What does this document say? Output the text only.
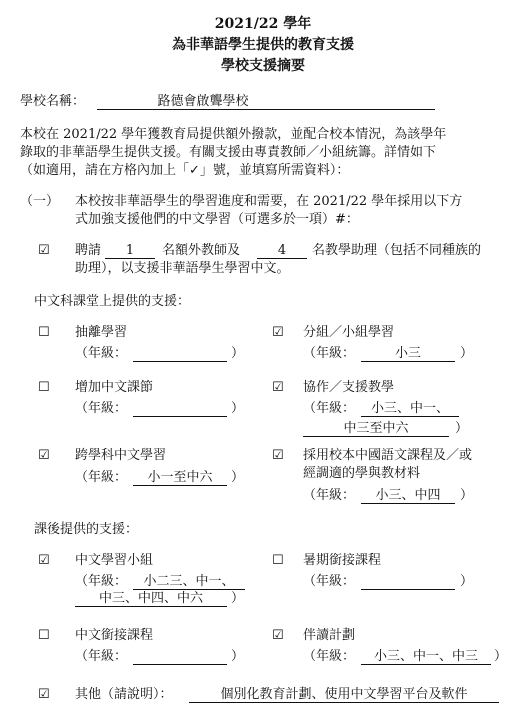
2021/22 學年
為非華語學生提供的教育支援
學校支援摘要
學校名稱：	路德會啟聾學校
本校在 2021/22 學年獲教育局提供額外撥款，並配合校本情況，為該學年
錄取的非華語學生提供支援。有關支援由專責教師／小組統籌。詳情如下
（如適用，請在方格內加上「✓」號，並填寫所需資料）：
（一） 本校按非華語學生的學習進度和需要，在 2021/22 學年採用以下方
式加強支援他們的中文學習（可選多於一項）#：
☑ 聘請	1	名額外教師及	4	名教學助理（包括不同種族的
助理），以支援非華語學生學習中文。
中文科課堂上提供的支援：
☐ 抽離學習
（年級：	）
☑ 分組／小組學習
（年級：	小三	）
☐ 增加中文課節
（年級：	）
☑ 協作／支援教學
（年級：	小三、中一、
中三至中六	）
☑ 跨學科中文學習
（年級：	小一至中六	）
☑ 採用校本中國語文課程及／或
經調適的學與教材料
（年級：	小三、中四	）
課後提供的支援：
☑ 中文學習小組
（年級：	小二三、中一、
中三、中四、中六	）
☐ 暑期銜接課程
（年級：	）
☐ 中文銜接課程
（年級：	）
☑ 伴讀計劃
（年級：	小三、中一、中三	）
☑ 其他（請說明）：	個別化教育計劃、使用中文學習平台及軟件
